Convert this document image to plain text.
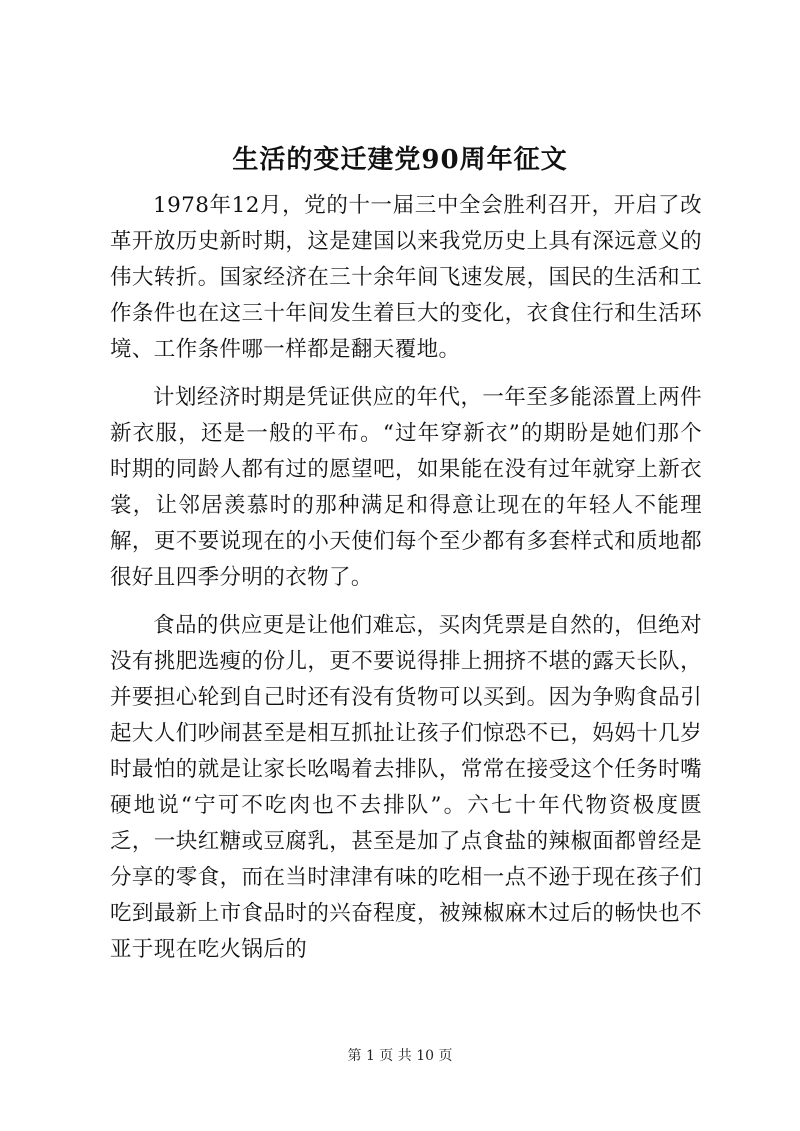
生活的变迁建党90周年征文

1978年12月，党的十一届三中全会胜利召开，开启了改革开放历史新时期，这是建国以来我党历史上具有深远意义的伟大转折。国家经济在三十余年间飞速发展，国民的生活和工作条件也在这三十年间发生着巨大的变化，衣食住行和生活环境、工作条件哪一样都是翻天覆地。

计划经济时期是凭证供应的年代，一年至多能添置上两件新衣服，还是一般的平布。“过年穿新衣”的期盼是她们那个时期的同龄人都有过的愿望吧，如果能在没有过年就穿上新衣裳，让邻居羡慕时的那种满足和得意让现在的年轻人不能理解，更不要说现在的小天使们每个至少都有多套样式和质地都很好且四季分明的衣物了。

食品的供应更是让他们难忘，买肉凭票是自然的，但绝对没有挑肥选瘦的份儿，更不要说得排上拥挤不堪的露天长队，并要担心轮到自己时还有没有货物可以买到。因为争购食品引起大人们吵闹甚至是相互抓扯让孩子们惊恐不已，妈妈十几岁时最怕的就是让家长吆喝着去排队，常常在接受这个任务时嘴硬地说“宁可不吃肉也不去排队”。六七十年代物资极度匮乏，一块红糖或豆腐乳，甚至是加了点食盐的辣椒面都曾经是分享的零食，而在当时津津有味的吃相一点不逊于现在孩子们吃到最新上市食品时的兴奋程度，被辣椒麻木过后的畅快也不亚于现在吃火锅后的

第 1 页 共 10 页
